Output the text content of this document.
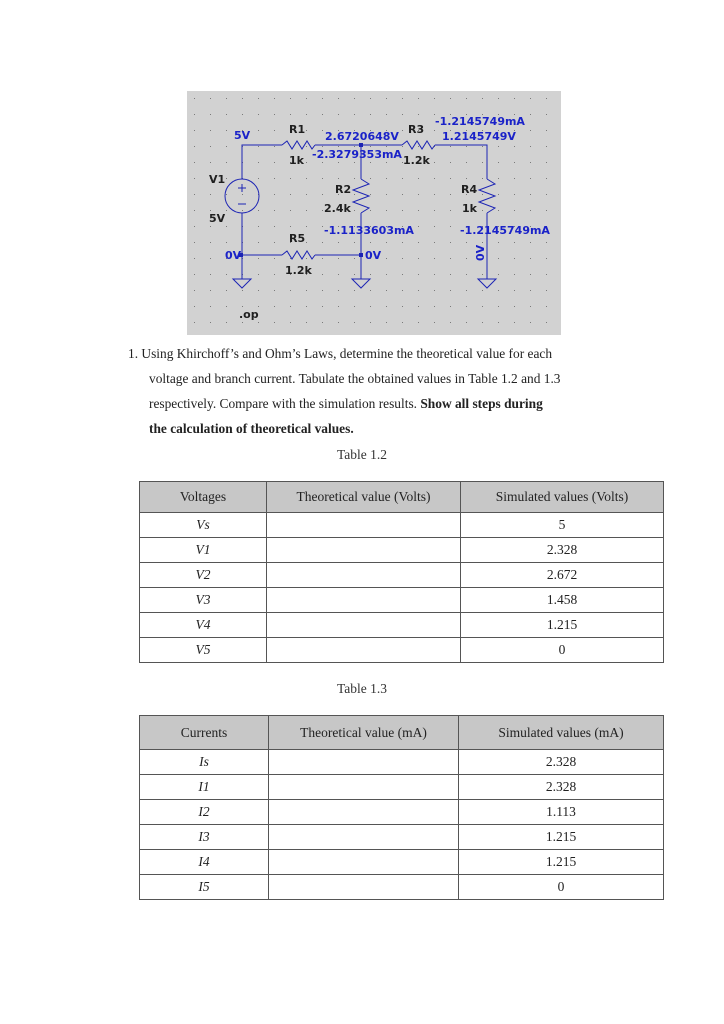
R1
1k
R3
1.2k
R2
2.4k
R4
1k
R5
1.2k
V1
5V
.op
5V
0V	0V	0V
2.6720648V
-2.3279353mA
-1.2145749mA
1.2145749V
-1.1133603mA	-1.2145749mA
1. Using Khirchoff’s and Ohm’s Laws, determine the theoretical value for each
voltage and branch current. Tabulate the obtained values in Table 1.2 and 1.3
respectively. Compare with the simulation results. Show all steps during
the calculation of theoretical values.
Table 1.2
Voltages	Theoretical value (Volts)	Simulated values (Volts)
Vs		5
V1		2.328
V2		2.672
V3		1.458
V4		1.215
V5		0
Table 1.3
Currents	Theoretical value (mA)	Simulated values (mA)
Is		2.328
I1		2.328
I2		1.113
I3		1.215
I4		1.215
I5		0
